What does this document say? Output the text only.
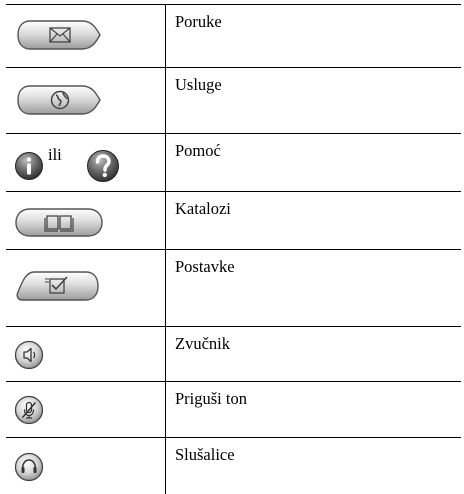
Poruke
Usluge
ili	Pomoć
Katalozi
Postavke
Zvučnik
Priguši ton
Slušalice
